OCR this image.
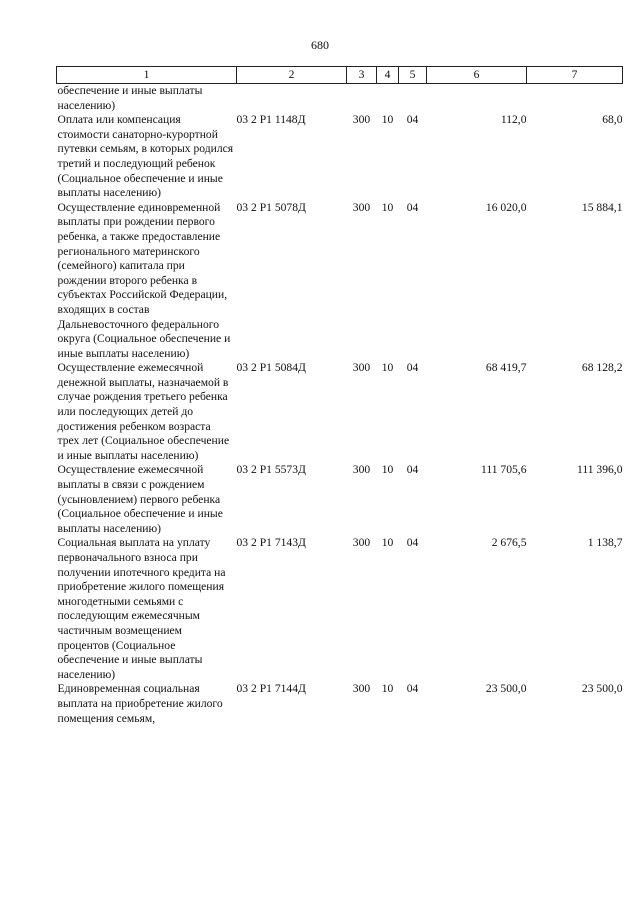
680
1	2	3	4	5	6	7
обеспечение и иные выплаты населению)						
Оплата или компенсация стоимости санаторно-курортной путевки семьям, в которых родился третий и последующий ребенок (Социальное обеспечение и иные выплаты населению)	03 2 Р1 1148Д	300	10	04	112,0	68,0
Осуществление единовременной выплаты при рождении первого ребенка, а также предоставление регионального материнского (семейного) капитала при рождении второго ребенка в субъектах Российской Федерации, входящих в состав Дальневосточного федерального округа (Социальное обеспечение и иные выплаты населению)	03 2 Р1 5078Д	300	10	04	16 020,0	15 884,1
Осуществление ежемесячной денежной выплаты, назначаемой в случае рождения третьего ребенка или последующих детей до достижения ребенком возраста трех лет (Социальное обеспечение и иные выплаты населению)	03 2 Р1 5084Д	300	10	04	68 419,7	68 128,2
Осуществление ежемесячной выплаты в связи с рождением (усыновлением) первого ребенка (Социальное обеспечение и иные выплаты населению)	03 2 Р1 5573Д	300	10	04	111 705,6	111 396,0
Социальная выплата на уплату первоначального взноса при получении ипотечного кредита на приобретение жилого помещения многодетными семьями с последующим ежемесячным частичным возмещением процентов (Социальное обеспечение и иные выплаты населению)	03 2 Р1 7143Д	300	10	04	2 676,5	1 138,7
Единовременная социальная выплата на приобретение жилого помещения семьям,	03 2 Р1 7144Д	300	10	04	23 500,0	23 500,0
